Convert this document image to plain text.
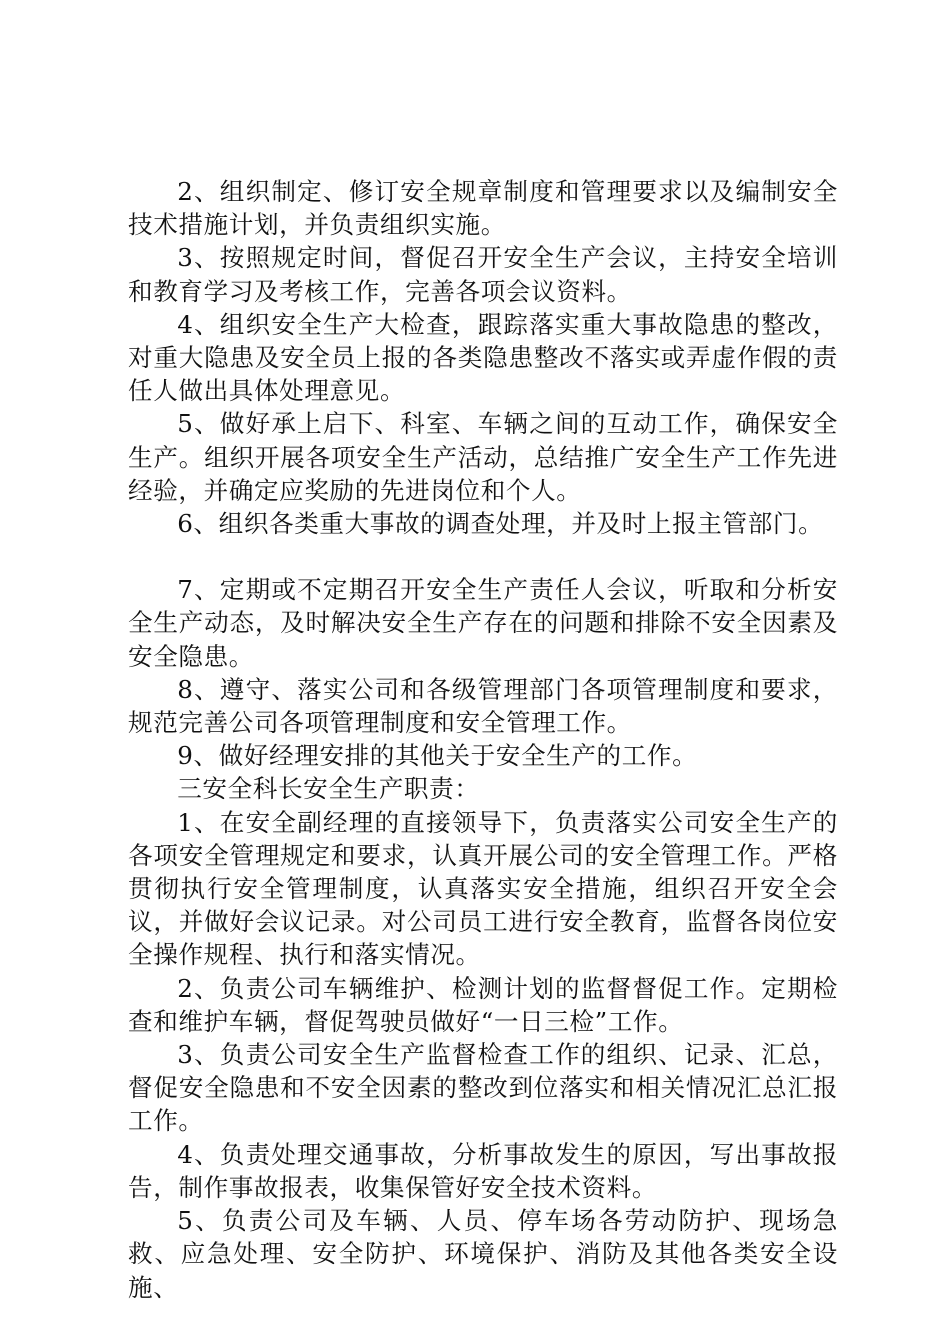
2、组织制定、修订安全规章制度和管理要求以及编制安全技术措施计划，并负责组织实施。

3、按照规定时间，督促召开安全生产会议，主持安全培训和教育学习及考核工作，完善各项会议资料。

4、组织安全生产大检查，跟踪落实重大事故隐患的整改，对重大隐患及安全员上报的各类隐患整改不落实或弄虚作假的责任人做出具体处理意见。

5、做好承上启下、科室、车辆之间的互动工作，确保安全生产。组织开展各项安全生产活动，总结推广安全生产工作先进经验，并确定应奖励的先进岗位和个人。

6、组织各类重大事故的调查处理，并及时上报主管部门。

7、定期或不定期召开安全生产责任人会议，听取和分析安全生产动态，及时解决安全生产存在的问题和排除不安全因素及安全隐患。

8、遵守、落实公司和各级管理部门各项管理制度和要求，规范完善公司各项管理制度和安全管理工作。

9、做好经理安排的其他关于安全生产的工作。

三安全科长安全生产职责：

1、在安全副经理的直接领导下，负责落实公司安全生产的各项安全管理规定和要求，认真开展公司的安全管理工作。严格贯彻执行安全管理制度，认真落实安全措施，组织召开安全会议，并做好会议记录。对公司员工进行安全教育，监督各岗位安全操作规程、执行和落实情况。

2、负责公司车辆维护、检测计划的监督督促工作。定期检查和维护车辆，督促驾驶员做好“一日三检”工作。

3、负责公司安全生产监督检查工作的组织、记录、汇总，督促安全隐患和不安全因素的整改到位落实和相关情况汇总汇报工作。

4、负责处理交通事故，分析事故发生的原因，写出事故报告，制作事故报表，收集保管好安全技术资料。

5、负责公司及车辆、人员、停车场各劳动防护、现场急救、应急处理、安全防护、环境保护、消防及其他各类安全设施、
